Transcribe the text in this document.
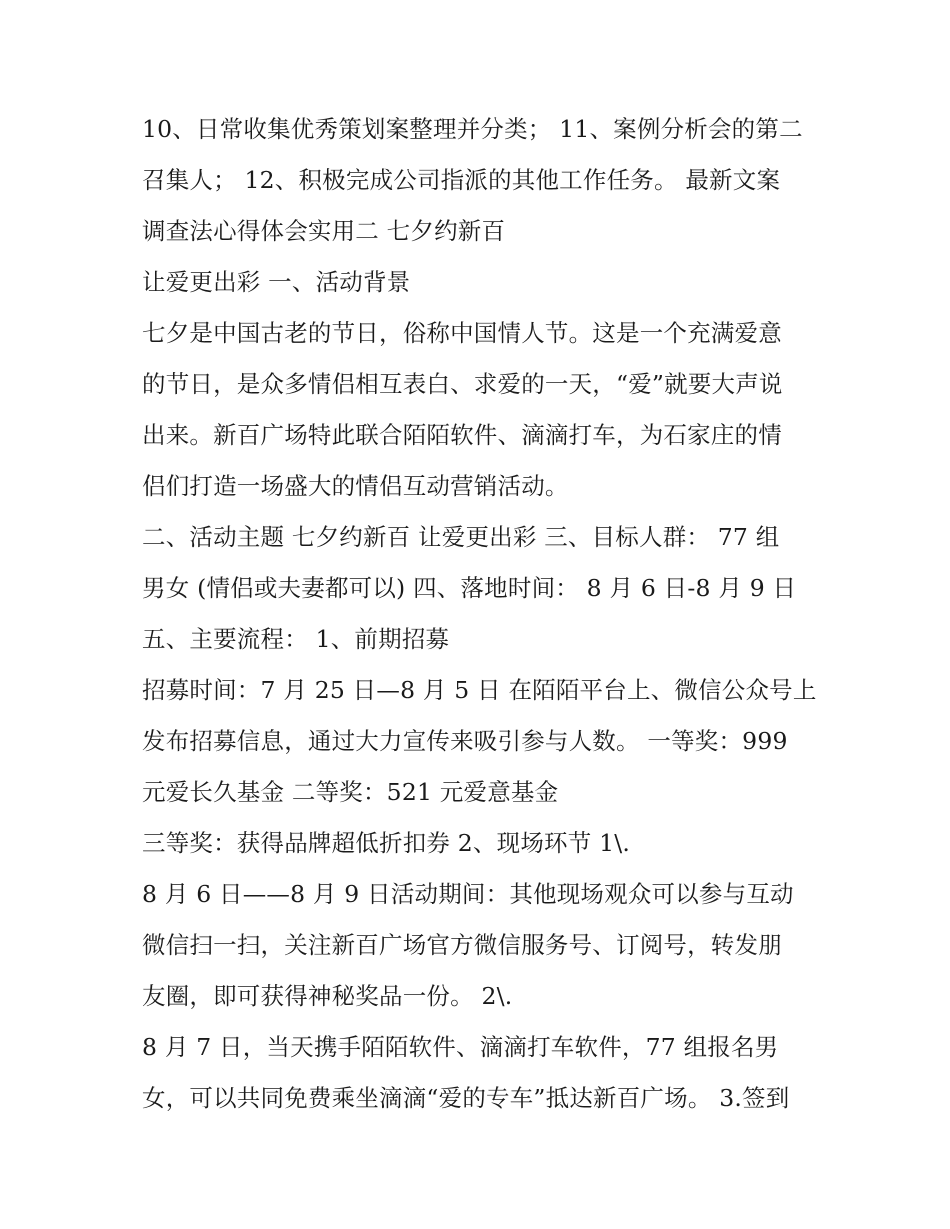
10、日常收集优秀策划案整理并分类； 11、案例分析会的第二
召集人； 12、积极完成公司指派的其他工作任务。 最新文案
调查法心得体会实用二 七夕约新百
让爱更出彩 一、活动背景
七夕是中国古老的节日，俗称中国情人节。这是一个充满爱意
的节日，是众多情侣相互表白、求爱的一天，“爱”就要大声说
出来。新百广场特此联合陌陌软件、滴滴打车，为石家庄的情
侣们打造一场盛大的情侣互动营销活动。
二、活动主题 七夕约新百 让爱更出彩 三、目标人群： 77 组
男女 (情侣或夫妻都可以) 四、落地时间： 8 月 6 日-8 月 9 日
五、主要流程： 1、前期招募
招募时间：7 月 25 日—8 月 5 日 在陌陌平台上、微信公众号上
发布招募信息，通过大力宣传来吸引参与人数。 一等奖：999
元爱长久基金 二等奖：521 元爱意基金
三等奖：获得品牌超低折扣券 2、现场环节 1\.
8 月 6 日——8 月 9 日活动期间：其他现场观众可以参与互动
微信扫一扫，关注新百广场官方微信服务号、订阅号，转发朋
友圈，即可获得神秘奖品一份。 2\.
8 月 7 日，当天携手陌陌软件、滴滴打车软件，77 组报名男
女，可以共同免费乘坐滴滴“爱的专车”抵达新百广场。 3.签到
